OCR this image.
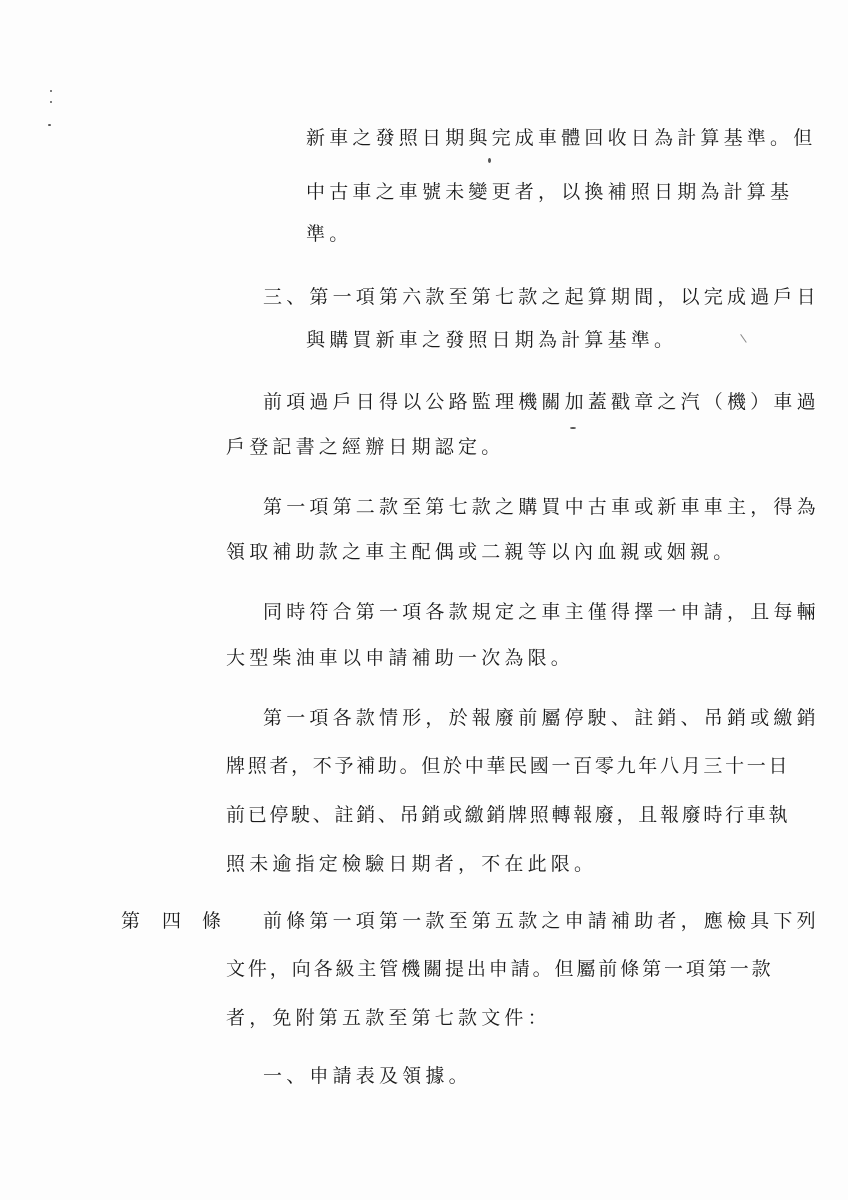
新車之發照日期與完成車體回收日為計算基準。但
中古車之車號未變更者，以換補照日期為計算基
準。
三、第一項第六款至第七款之起算期間，以完成過戶日
與購買新車之發照日期為計算基準。
前項過戶日得以公路監理機關加蓋戳章之汽（機）車過
戶登記書之經辦日期認定。
第一項第二款至第七款之購買中古車或新車車主，得為
領取補助款之車主配偶或二親等以內血親或姻親。
同時符合第一項各款規定之車主僅得擇一申請，且每輛
大型柴油車以申請補助一次為限。
第一項各款情形，於報廢前屬停駛、註銷、吊銷或繳銷
牌照者，不予補助。但於中華民國一百零九年八月三十一日
前已停駛、註銷、吊銷或繳銷牌照轉報廢，且報廢時行車執
照未逾指定檢驗日期者，不在此限。
第 四 條 前條第一項第一款至第五款之申請補助者，應檢具下列
文件，向各級主管機關提出申請。但屬前條第一項第一款
者，免附第五款至第七款文件：
一、申請表及領據。
